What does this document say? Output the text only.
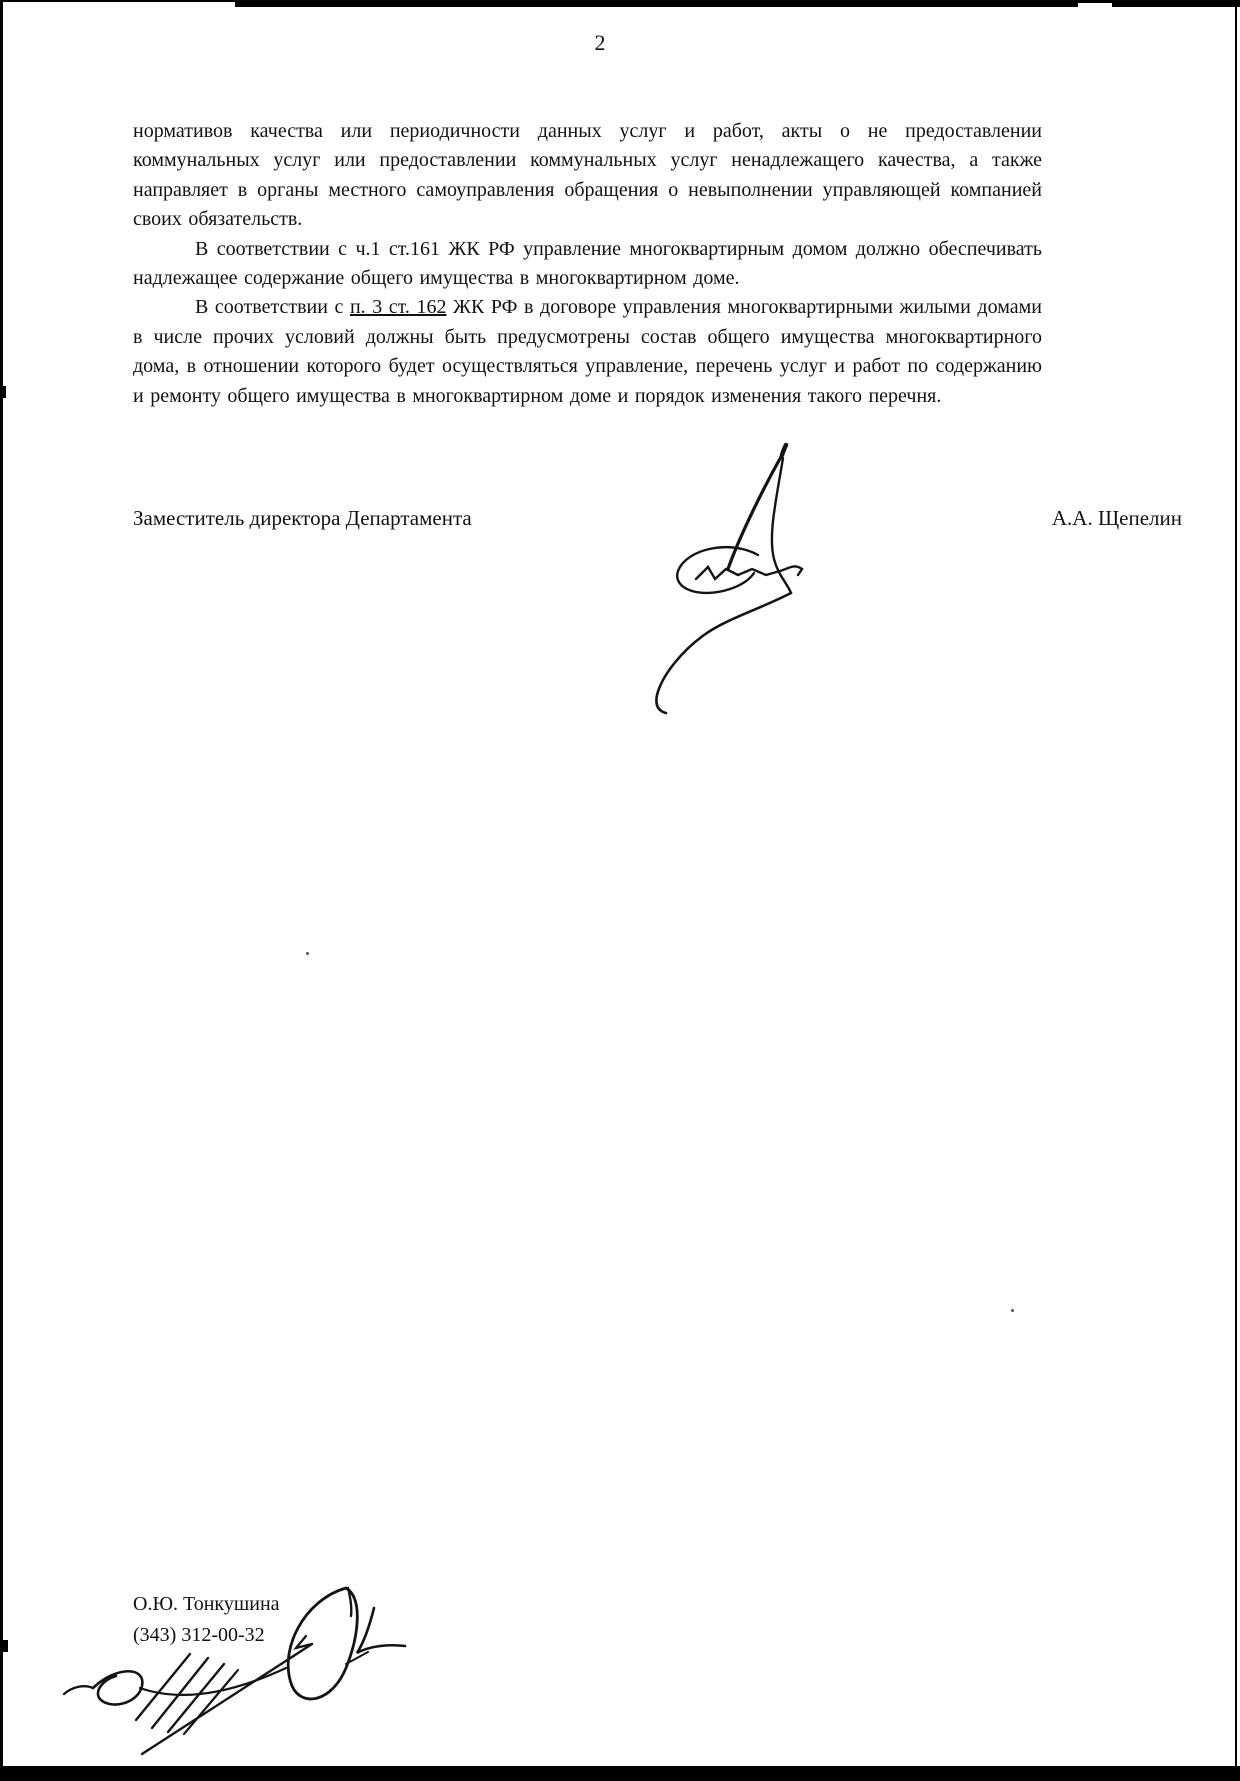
2

нормативов качества или периодичности данных услуг и работ, акты о не предоставлении коммунальных услуг или предоставлении коммунальных услуг ненадлежащего качества, а также направляет в органы местного самоуправления обращения о невыполнении управляющей компанией своих обязательств.

В соответствии с ч.1 ст.161 ЖК РФ управление многоквартирным домом должно обеспечивать надлежащее содержание общего имущества в многоквартирном доме.

В соответствии с п. 3 ст. 162 ЖК РФ в договоре управления многоквартирными жилыми домами в числе прочих условий должны быть предусмотрены состав общего имущества многоквартирного дома, в отношении которого будет осуществляться управление, перечень услуг и работ по содержанию и ремонту общего имущества в многоквартирном доме и порядок изменения такого перечня.

Заместитель директора Департамента	А.А. Щепелин
О.Ю. Тонкушина
(343) 312-00-32
